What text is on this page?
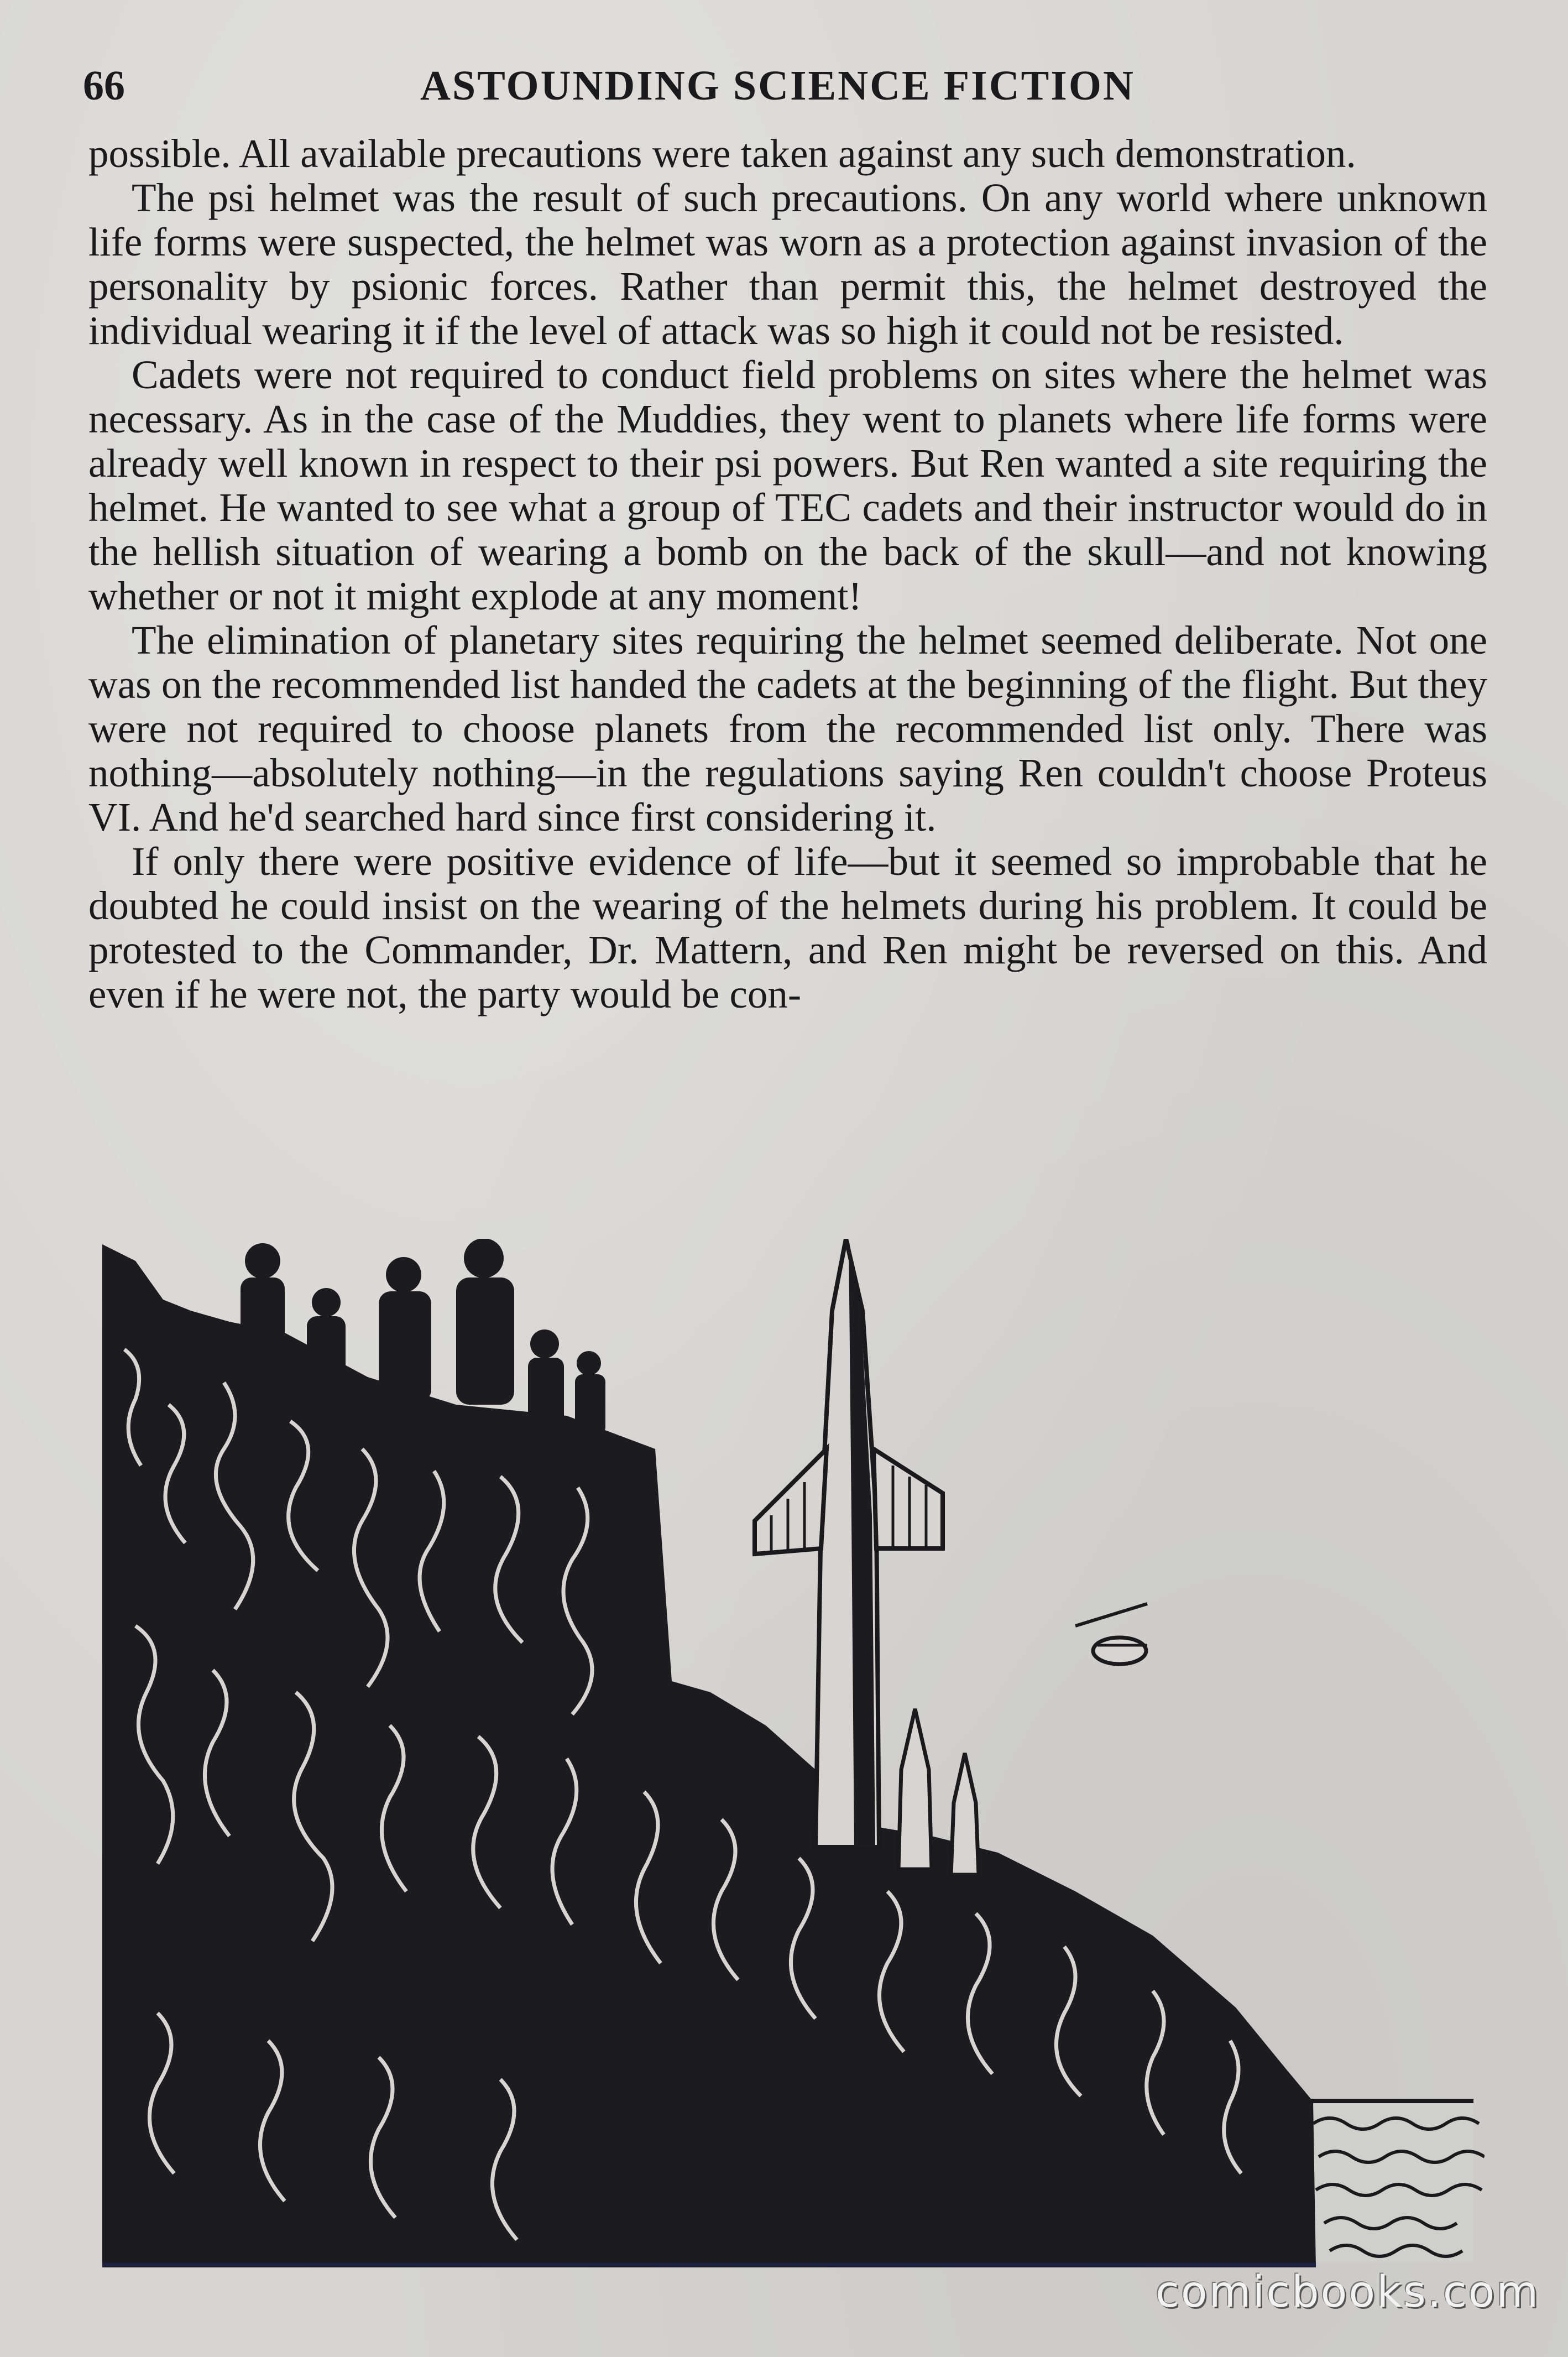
66	ASTOUNDING SCIENCE FICTION

possible. All available precautions were taken against any such demonstration.

The psi helmet was the result of such precautions. On any world where unknown life forms were suspected, the helmet was worn as a protection against invasion of the personality by psionic forces. Rather than permit this, the helmet destroyed the individual wearing it if the level of attack was so high it could not be resisted.

Cadets were not required to conduct field problems on sites where the helmet was necessary. As in the case of the Muddies, they went to planets where life forms were already well known in respect to their psi powers. But Ren wanted a site requiring the helmet. He wanted to see what a group of TEC cadets and their instructor would do in the hellish situation of wearing a bomb on the back of the skull—and not knowing whether or not it might explode at any moment!

The elimination of planetary sites requiring the helmet seemed deliberate. Not one was on the recommended list handed the cadets at the beginning of the flight. But they were not required to choose planets from the recommended list only. There was nothing—absolutely nothing—in the regulations saying Ren couldn't choose Proteus VI. And he'd searched hard since first considering it.

If only there were positive evidence of life—but it seemed so improbable that he doubted he could insist on the wearing of the helmets during his problem. It could be protested to the Commander, Dr. Mattern, and Ren might be reversed on this. And even if he were not, the party would be con-

comicbooks.com
